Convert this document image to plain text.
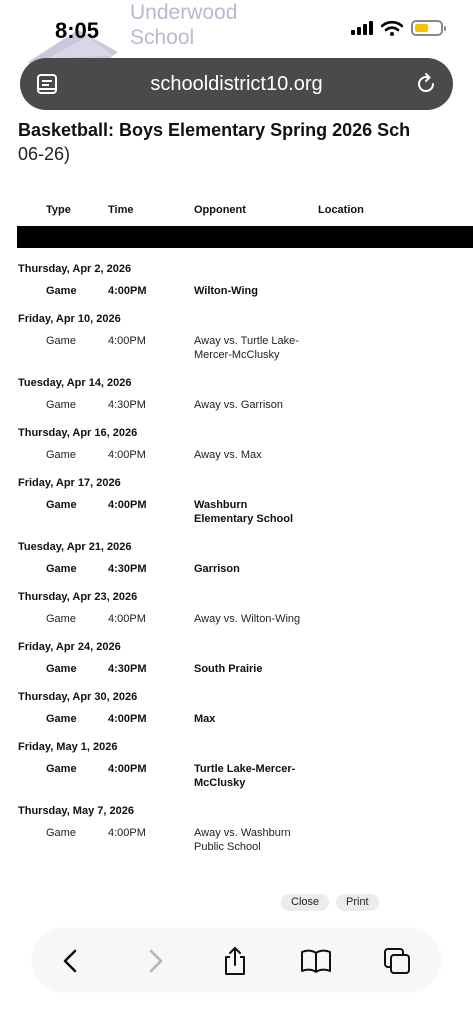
Underwood
School
8:05
schooldistrict10.org
Basketball: Boys Elementary Spring 2026 Sch
06-26)
Type	Time	Opponent	Location
Thursday, Apr 2, 2026
Game	4:00PM	Wilton-Wing
Friday, Apr 10, 2026
Game	4:00PM	Away vs. Turtle Lake-
Mercer-McClusky
Tuesday, Apr 14, 2026
Game	4:30PM	Away vs. Garrison
Thursday, Apr 16, 2026
Game	4:00PM	Away vs. Max
Friday, Apr 17, 2026
Game	4:00PM	Washburn
Elementary School
Tuesday, Apr 21, 2026
Game	4:30PM	Garrison
Thursday, Apr 23, 2026
Game	4:00PM	Away vs. Wilton-Wing
Friday, Apr 24, 2026
Game	4:30PM	South Prairie
Thursday, Apr 30, 2026
Game	4:00PM	Max
Friday, May 1, 2026
Game	4:00PM	Turtle Lake-Mercer-
McClusky
Thursday, May 7, 2026
Game	4:00PM	Away vs. Washburn
Public School
Close	Print
